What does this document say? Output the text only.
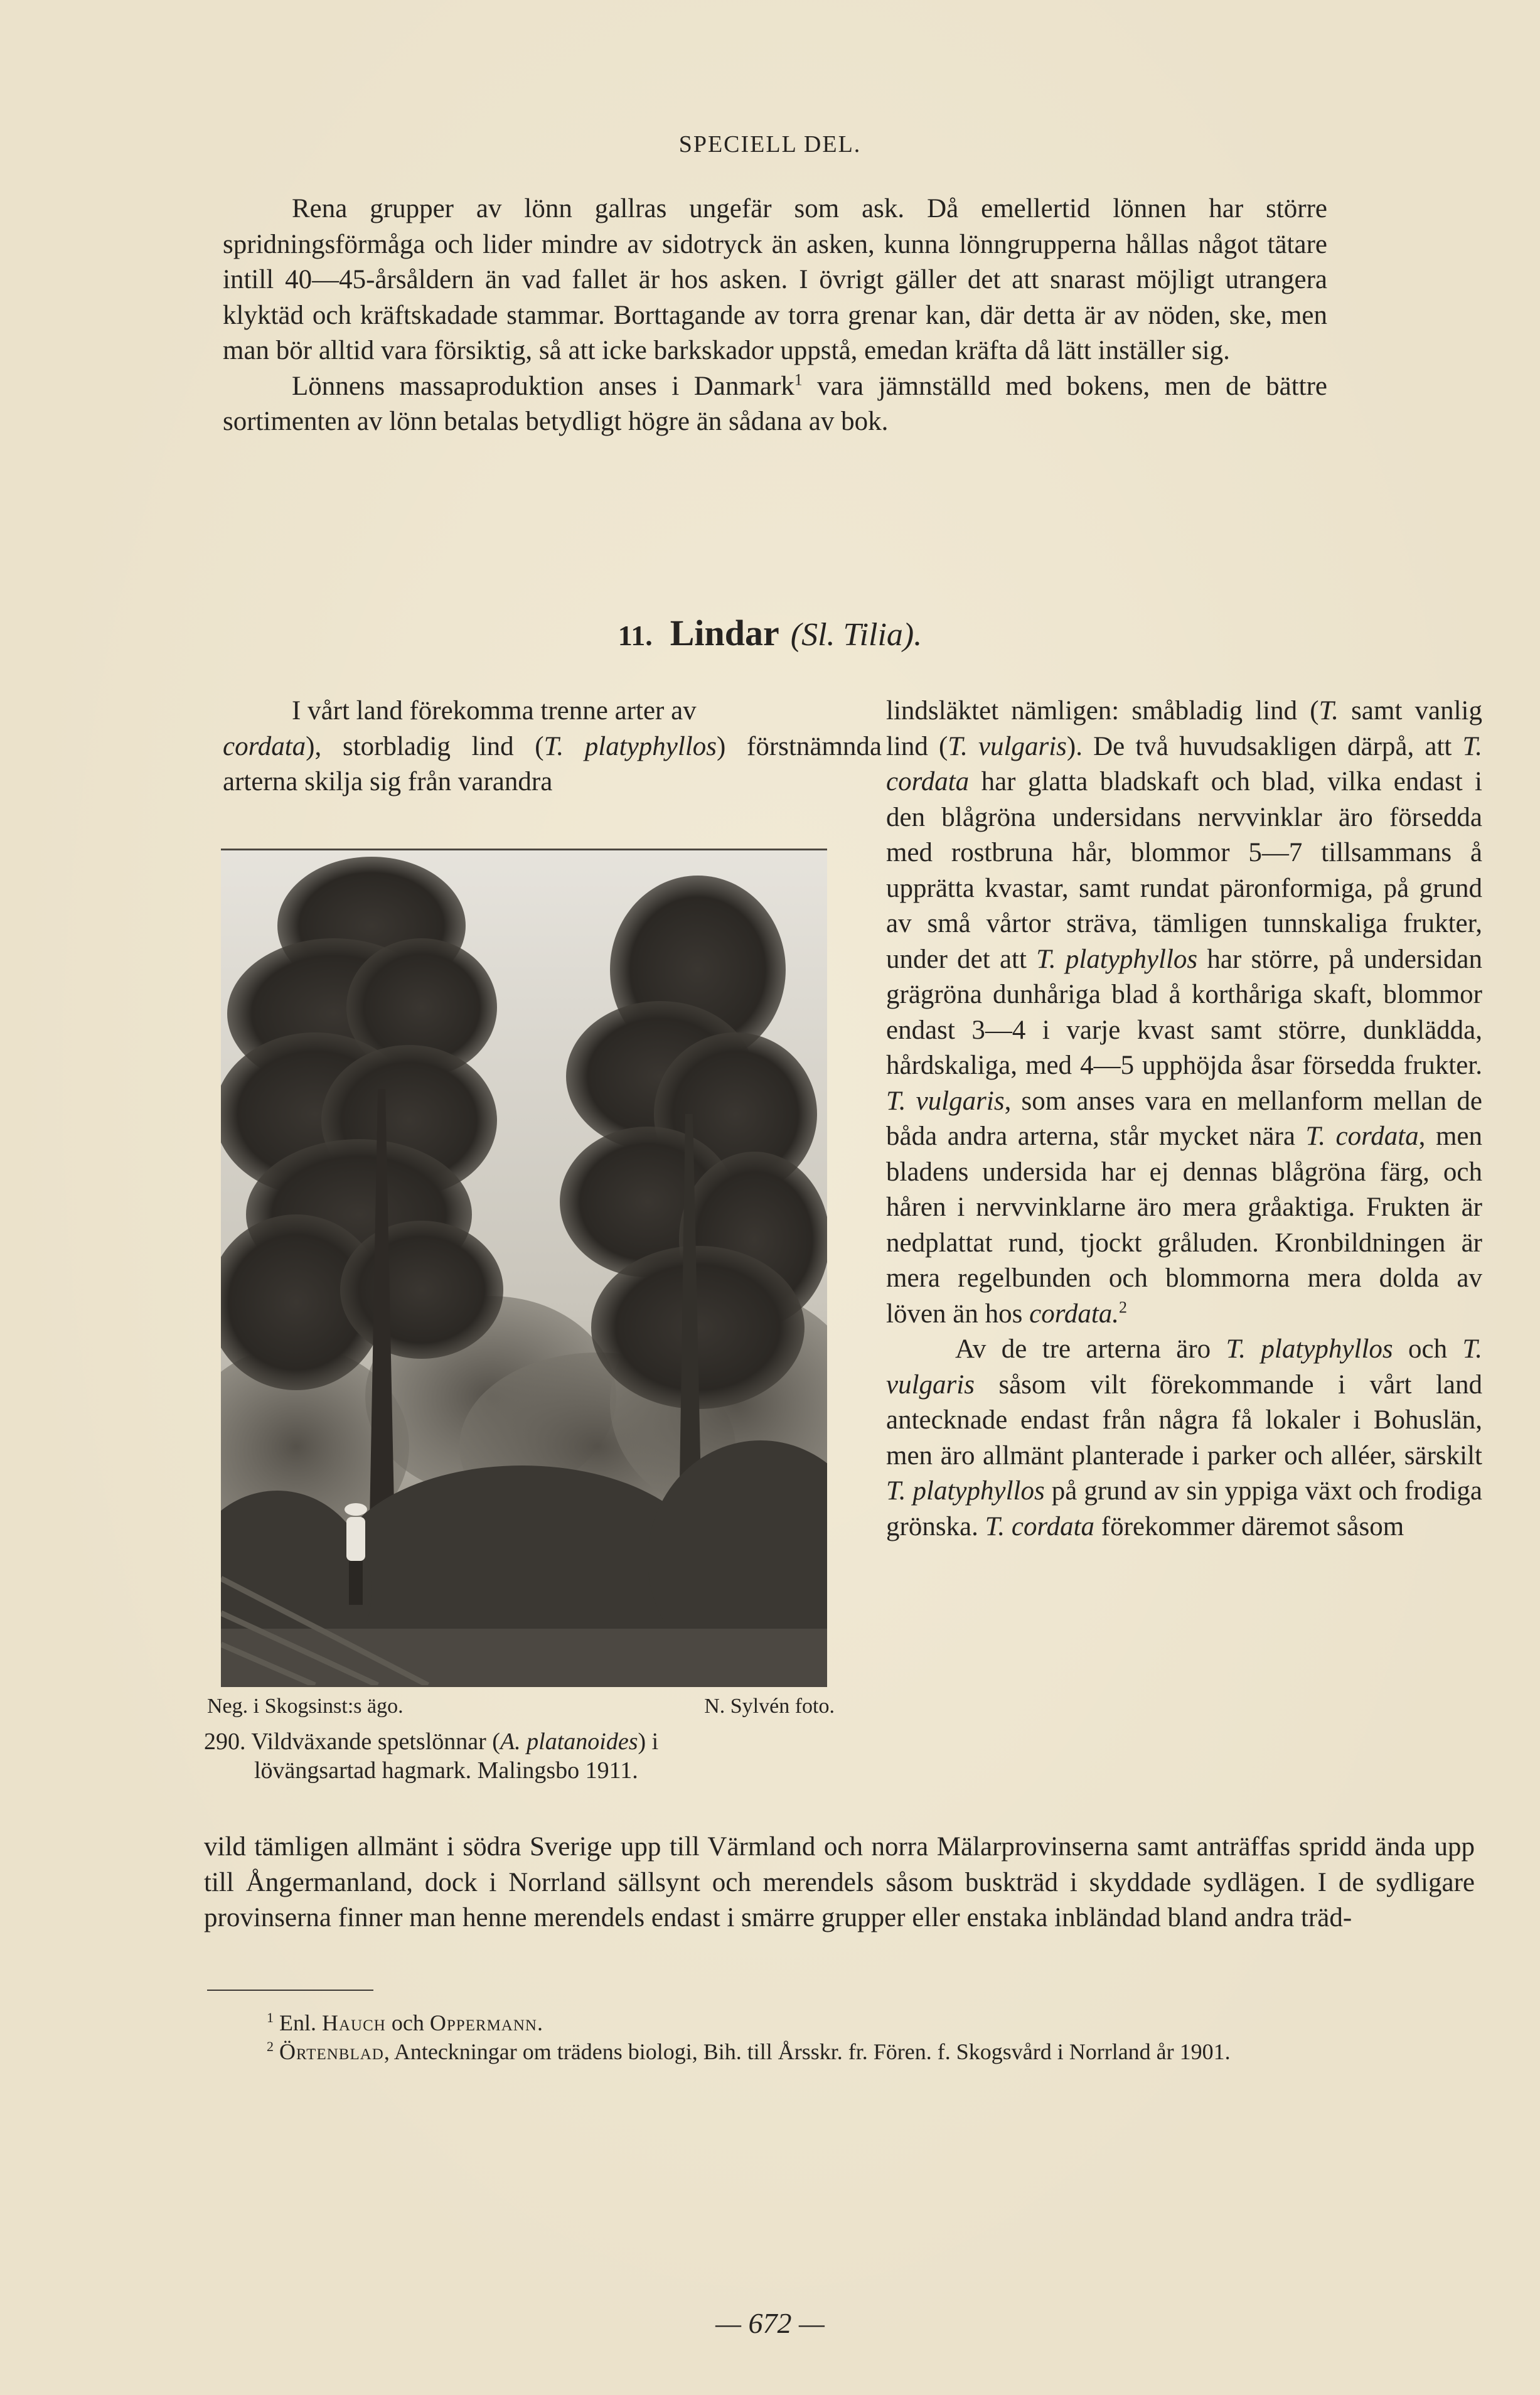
SPECIELL DEL.

Rena grupper av lönn gallras ungefär som ask. Då emellertid lönnen har större spridningsförmåga och lider mindre av sidotryck än asken, kunna lönngrupperna hållas något tätare intill 40—45-årsåldern än vad fallet är hos asken. I övrigt gäller det att snarast möjligt utrangera klyktäd och kräftskadade stammar. Borttagande av torra grenar kan, där detta är av nöden, ske, men man bör alltid vara försiktig, så att icke barkskador uppstå, emedan kräfta då lätt inställer sig.

Lönnens massaproduktion anses i Danmark$^1$ vara jämnställd med bokens, men de bättre sortimenten av lönn betalas betydligt högre än sådana av bok.

11. Lindar (Sl. Tilia).

I vårt land förekomma trenne arter av
cordata), storbladig lind (T. platyphyllos) förstnämnda arterna skilja sig från varandra

lindsläktet nämligen: småbladig lind (T. samt vanlig lind (T. vulgaris). De två huvudsakligen därpå, att T. cordata har glatta bladskaft och blad, vilka endast i den blågröna undersidans nervvinklar äro försedda med rostbruna hår, blommor 5—7 tillsammans å upprätta kvastar, samt rundat päronformiga, på grund av små vårtor sträva, tämligen tunnskaliga frukter, under det att T. platyphyllos har större, på undersidan grägröna dunhåriga blad å korthåriga skaft, blommor endast 3—4 i varje kvast samt större, dunklädda, hårdskaliga, med 4—5 upphöjda åsar försedda frukter. T. vulgaris, som anses vara en mellanform mellan de båda andra arterna, står mycket nära T. cordata, men bladens undersida har ej dennas blågröna färg, och håren i nervvinklarne äro mera gråaktiga. Frukten är nedplattat rund, tjockt gråluden. Kronbildningen är mera regelbunden och blommorna mera dolda av löven än hos cordata.$^2$

Av de tre arterna äro T. platyphyllos och T. vulgaris såsom vilt förekommande i vårt land antecknade endast från några få lokaler i Bohuslän, men äro allmänt planterade i parker och alléer, särskilt T. platyphyllos på grund av sin yppiga växt och frodiga grönska. T. cordata förekommer däremot såsom

Neg. i Skogsinst:s ägo.	N. Sylvén foto.
290. Vildväxande spetslönnar (A. platanoides) i
lövängsartad hagmark. Malingsbo 1911.

vild tämligen allmänt i södra Sverige upp till Värmland och norra Mälarprovinserna samt anträffas spridd ända upp till Ångermanland, dock i Norrland sällsynt och merendels såsom buskträd i skyddade sydlägen. I de sydligare provinserna finner man henne merendels endast i smärre grupper eller enstaka inbländad bland andra träd-

$^1$ Enl. Hauch och Oppermann.

$^2$ Örtenblad, Anteckningar om trädens biologi, Bih. till Årsskr. fr. Fören. f. Skogsvård i Norrland år 1901.

— 672 —
